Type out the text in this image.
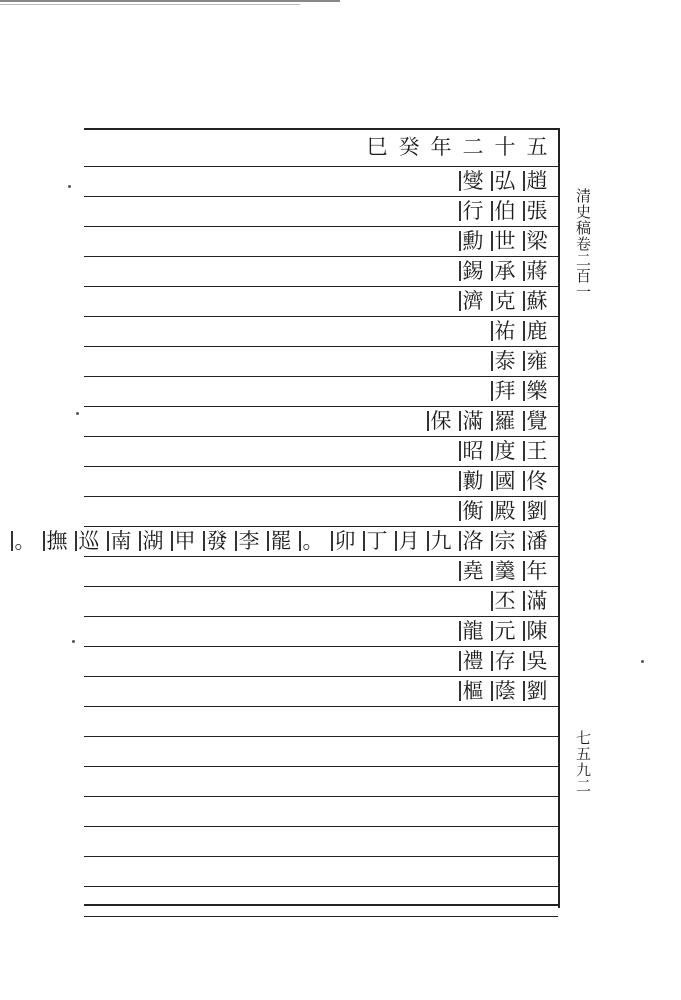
五
十
二
年
癸
巳
趙
弘
燮
張
伯
行
梁
世
勳
蔣
承
錫
蘇
克
濟
鹿
祐
雍
泰
樂
拜
覺
羅
滿
保
王
度
昭
佟
國
勷
劉
殿
衡
潘
宗
洛
九
月
丁
卯
。
罷
李
發
甲
湖
南
巡
撫
。
年
羹
堯
滿
丕
陳
元
龍
吳
存
禮
劉
蔭
樞
清史稿卷二百一
七五九二
